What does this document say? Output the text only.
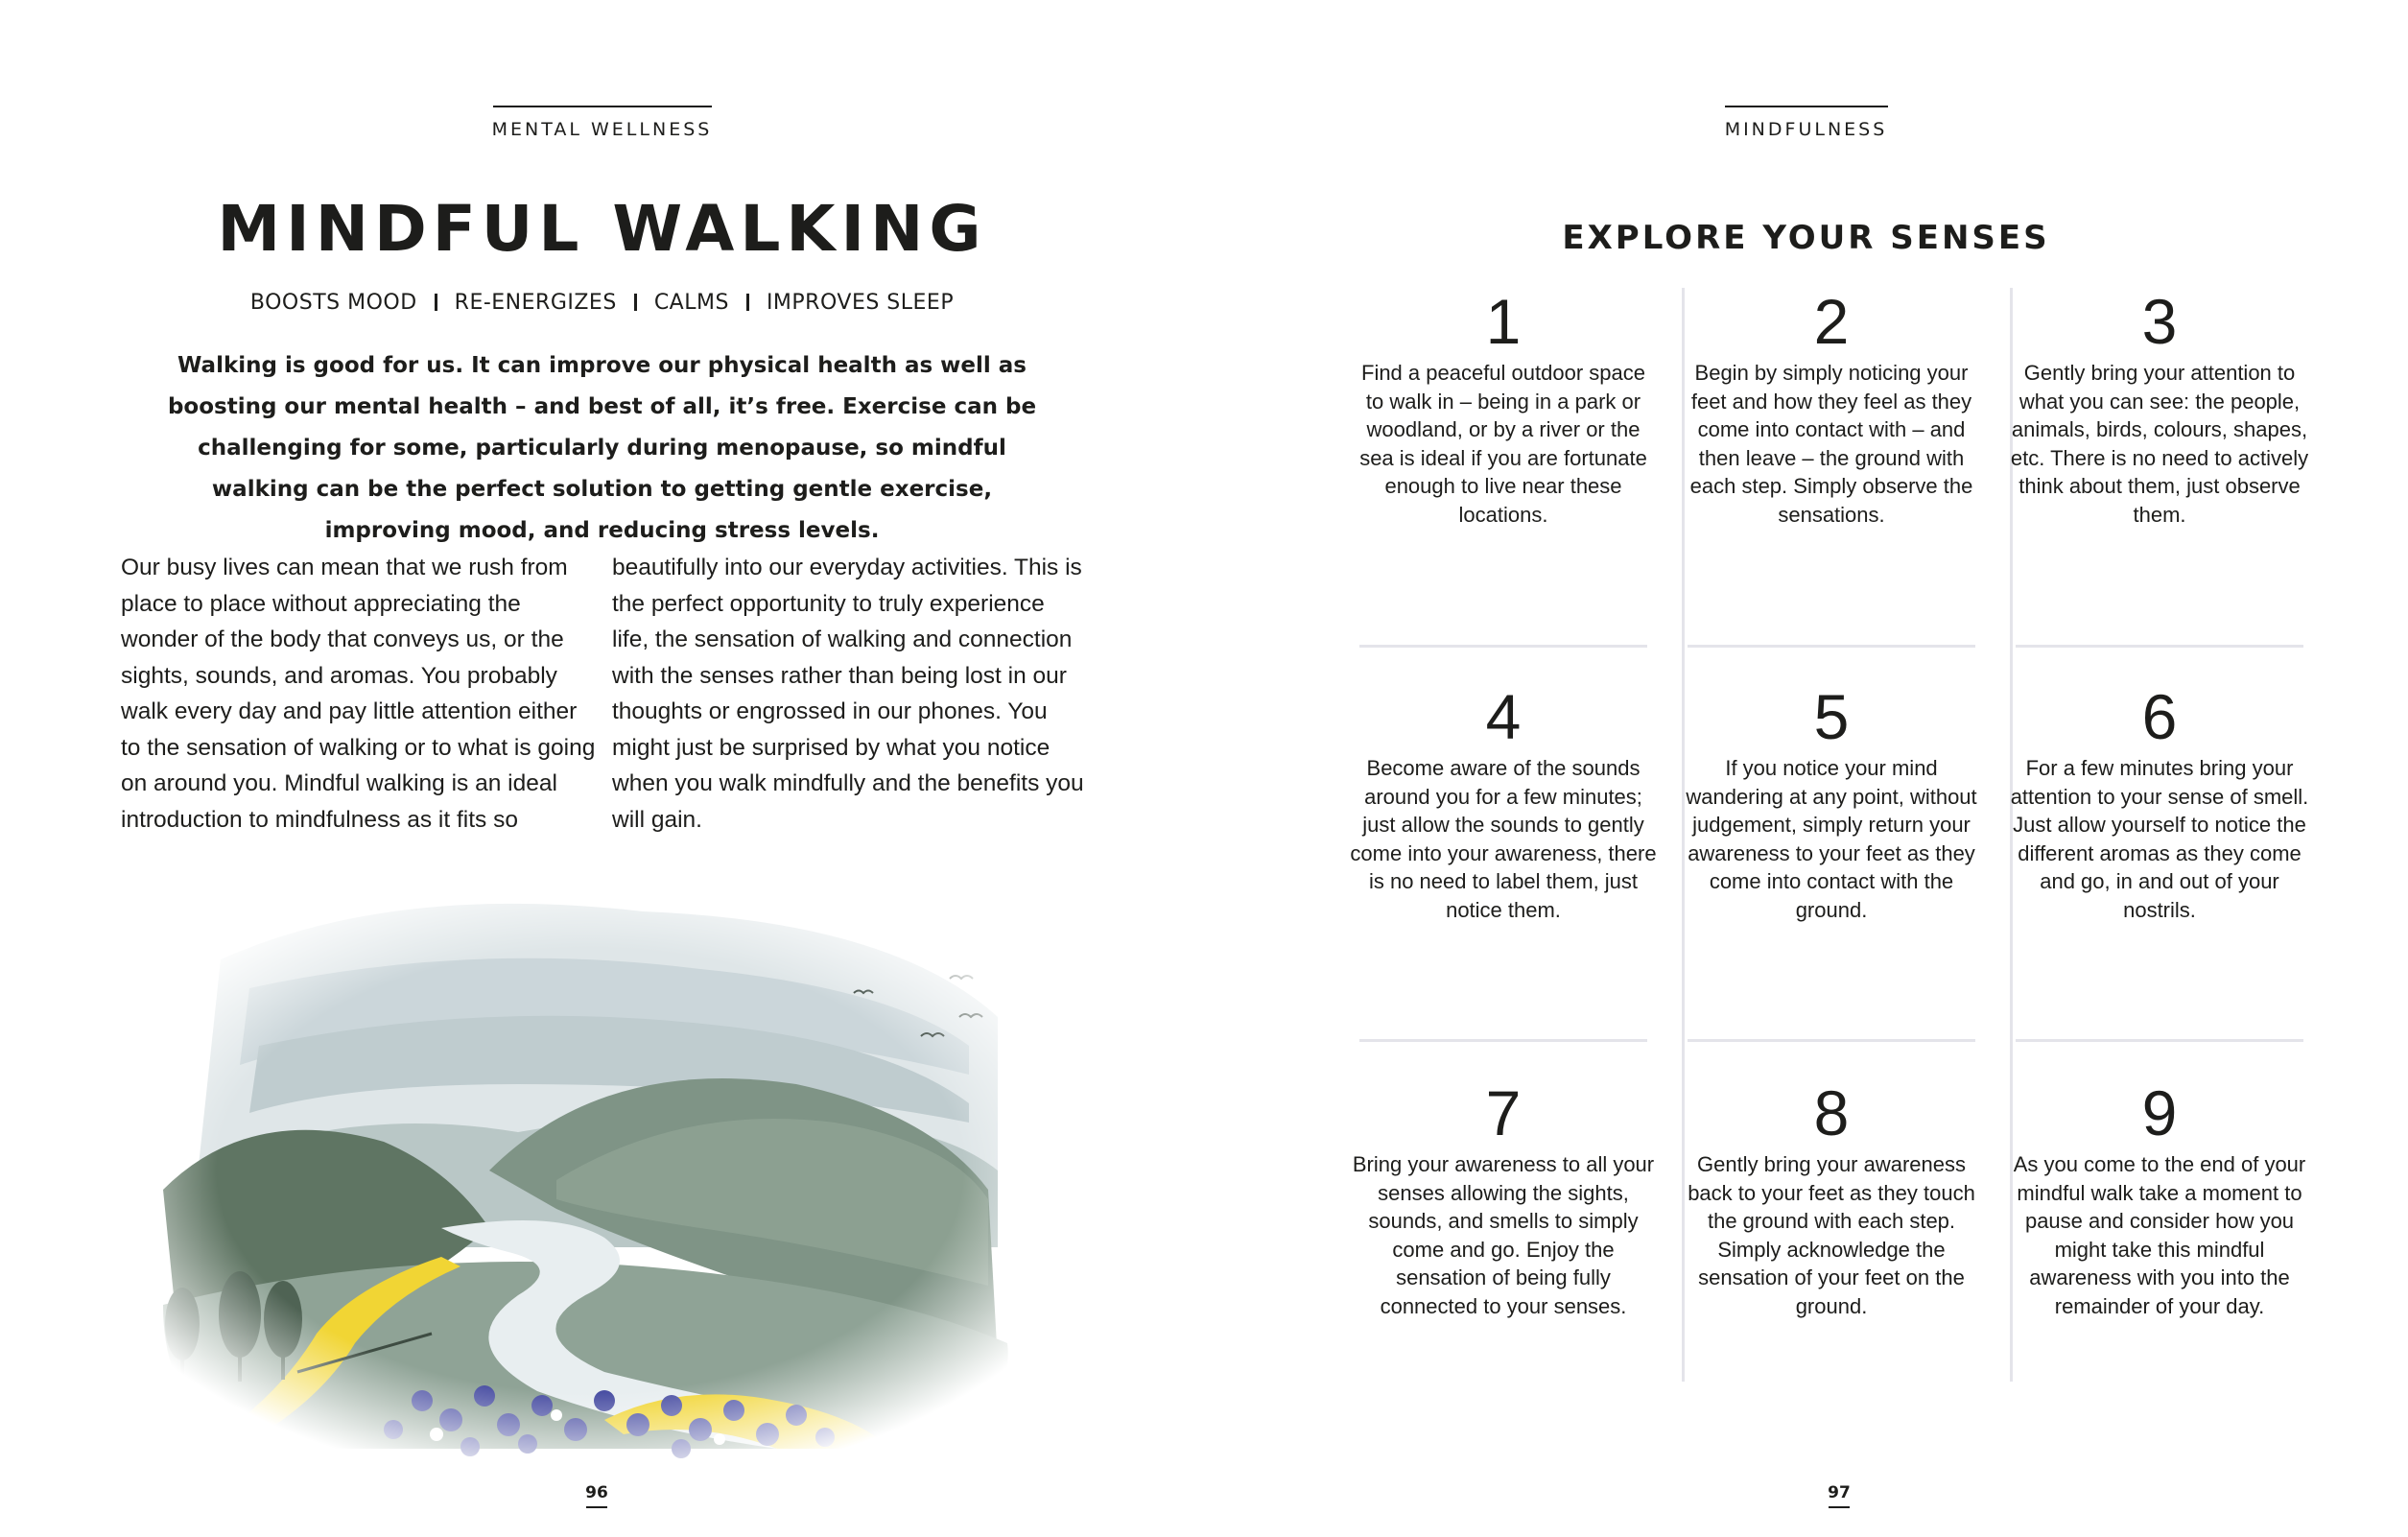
MENTAL WELLNESS
MINDFUL WALKING
BOOSTS MOOD RE-ENERGIZES CALMS IMPROVES SLEEP

Walking is good for us. It can improve our physical health as well as boosting our mental health – and best of all, it’s free. Exercise can be challenging for some, particularly during menopause, so mindful walking can be the perfect solution to getting gentle exercise, improving mood, and reducing stress levels.

Our busy lives can mean that we rush from place to place without appreciating the wonder of the body that conveys us, or the sights, sounds, and aromas. You probably walk every day and pay little attention either to the sensation of walking or to what is going on around you. Mindful walking is an ideal introduction to mindfulness as it fits so

beautifully into our everyday activities. This is the perfect opportunity to truly experience life, the sensation of walking and connection with the senses rather than being lost in our thoughts or engrossed in our phones. You might just be surprised by what you notice when you walk mindfully and the benefits you will gain.

96
MINDFULNESS
EXPLORE YOUR SENSES
1
Find a peaceful outdoor space to walk in – being in a park or woodland, or by a river or the sea is ideal if you are fortunate enough to live near these locations.
2
Begin by simply noticing your feet and how they feel as they come into contact with – and then leave – the ground with each step. Simply observe the sensations.
3
Gently bring your attention to what you can see: the people, animals, birds, colours, shapes, etc. There is no need to actively think about them, just observe them.
4
Become aware of the sounds around you for a few minutes; just allow the sounds to gently come into your awareness, there is no need to label them, just notice them.
5
If you notice your mind wandering at any point, without judgement, simply return your awareness to your feet as they come into contact with the ground.
6
For a few minutes bring your attention to your sense of smell. Just allow yourself to notice the different aromas as they come and go, in and out of your nostrils.
7
Bring your awareness to all your senses allowing the sights, sounds, and smells to simply come and go. Enjoy the sensation of being fully connected to your senses.
8
Gently bring your awareness back to your feet as they touch the ground with each step. Simply acknowledge the sensation of your feet on the ground.
9
As you come to the end of your mindful walk take a moment to pause and consider how you might take this mindful awareness with you into the remainder of your day.
97
